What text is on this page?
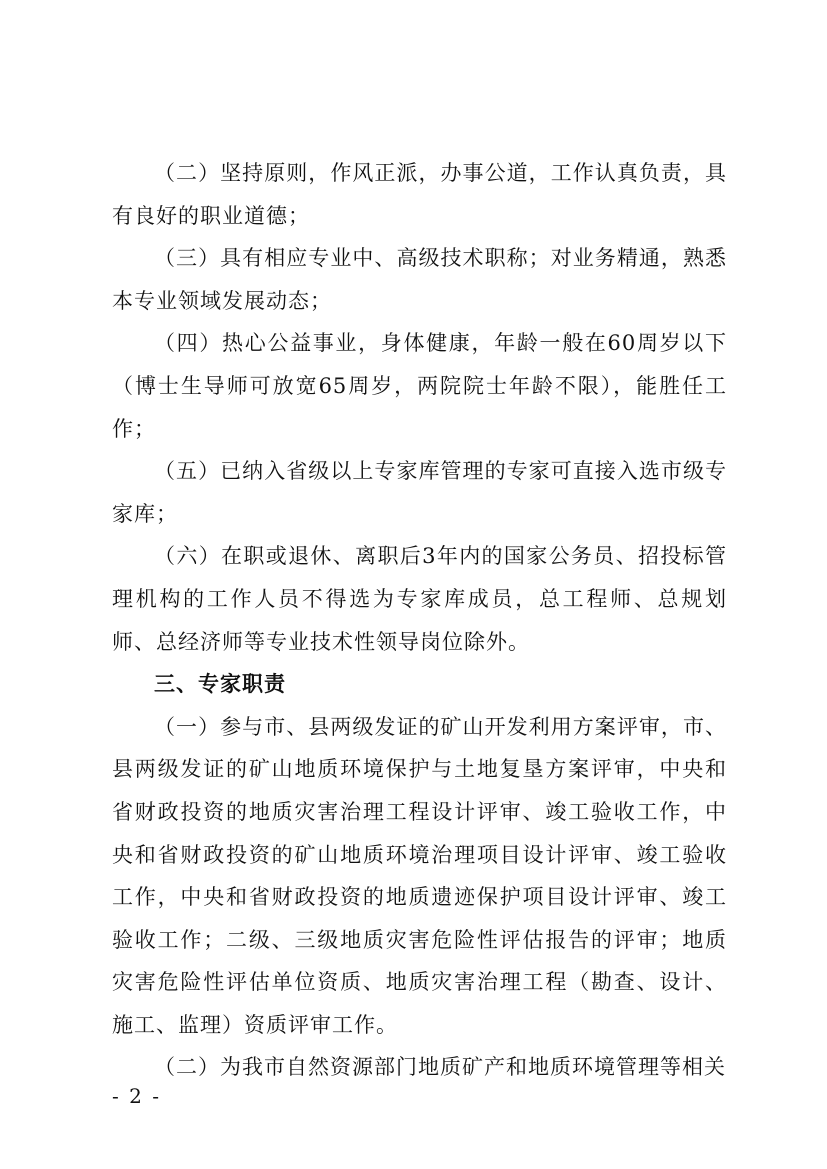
（二）坚持原则，作风正派，办事公道，工作认真负责，具有良好的职业道德；

（三）具有相应专业中、高级技术职称；对业务精通，熟悉本专业领域发展动态；

（四）热心公益事业，身体健康，年龄一般在60周岁以下（博士生导师可放宽65周岁，两院院士年龄不限），能胜任工作；

（五）已纳入省级以上专家库管理的专家可直接入选市级专家库；

（六）在职或退休、离职后3年内的国家公务员、招投标管理机构的工作人员不得选为专家库成员，总工程师、总规划师、总经济师等专业技术性领导岗位除外。

三、专家职责

（一）参与市、县两级发证的矿山开发利用方案评审，市、县两级发证的矿山地质环境保护与土地复垦方案评审，中央和省财政投资的地质灾害治理工程设计评审、竣工验收工作，中央和省财政投资的矿山地质环境治理项目设计评审、竣工验收工作，中央和省财政投资的地质遗迹保护项目设计评审、竣工验收工作；二级、三级地质灾害危险性评估报告的评审；地质灾害危险性评估单位资质、地质灾害治理工程（勘查、设计、施工、监理）资质评审工作。

（二）为我市自然资源部门地质矿产和地质环境管理等相关

- 2 -
